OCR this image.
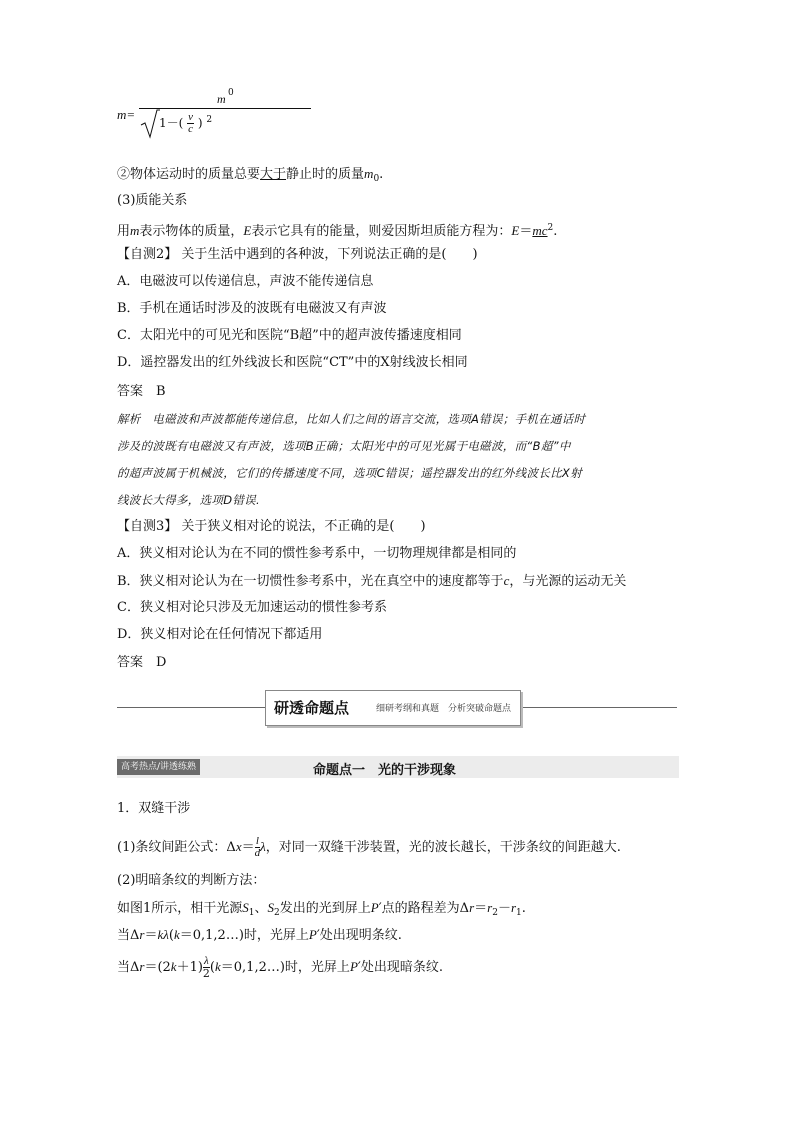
m=
m 0
$1-( \frac{v}{c}$ ) $^2$
②物体运动时的质量总要大于静止时的质量$m_0$.
(3)质能关系
用m表示物体的质量，E表示它具有的能量，则爱因斯坦质能方程为：$E=mc^2$.
【自测2】 关于生活中遇到的各种波，下列说法正确的是(　　)
A．电磁波可以传递信息，声波不能传递信息
B．手机在通话时涉及的波既有电磁波又有声波
C．太阳光中的可见光和医院“B超”中的超声波传播速度相同
D．遥控器发出的红外线波长和医院“CT”中的X射线波长相同
答案　B
解析　电磁波和声波都能传递信息，比如人们之间的语言交流，选项A错误；手机在通话时
涉及的波既有电磁波又有声波，选项B正确；太阳光中的可见光属于电磁波，而“B超”中
的超声波属于机械波，它们的传播速度不同，选项C错误；遥控器发出的红外线波长比X射
线波长大得多，选项D错误.
【自测3】 关于狭义相对论的说法，不正确的是(　　)
A．狭义相对论认为在不同的惯性参考系中，一切物理规律都是相同的
B．狭义相对论认为在一切惯性参考系中，光在真空中的速度都等于c，与光源的运动无关
C．狭义相对论只涉及无加速运动的惯性参考系
D．狭义相对论在任何情况下都适用
答案　D
研透命题点	细研考纲和真题　分析突破命题点
高考热点/讲透练熟	命题点一　光的干涉现象
1．双缝干涉
(1)条纹间距公式：$\Delta x= \frac{l}{d}$ λ，对同一双缝干涉装置，光的波长越长，干涉条纹的间距越大.
(2)明暗条纹的判断方法：
如图1所示，相干光源$S_1$、$S_2$发出的光到屏上P′点的路程差为$\Delta r=r_2-r_1$.
当Δr＝kλ(k＝0,1,2…)时，光屏上P′处出现明条纹.
当$\Delta r=(2k+1) \frac{\lambda}{2}$ (k＝0,1,2…)时，光屏上P′处出现暗条纹.
